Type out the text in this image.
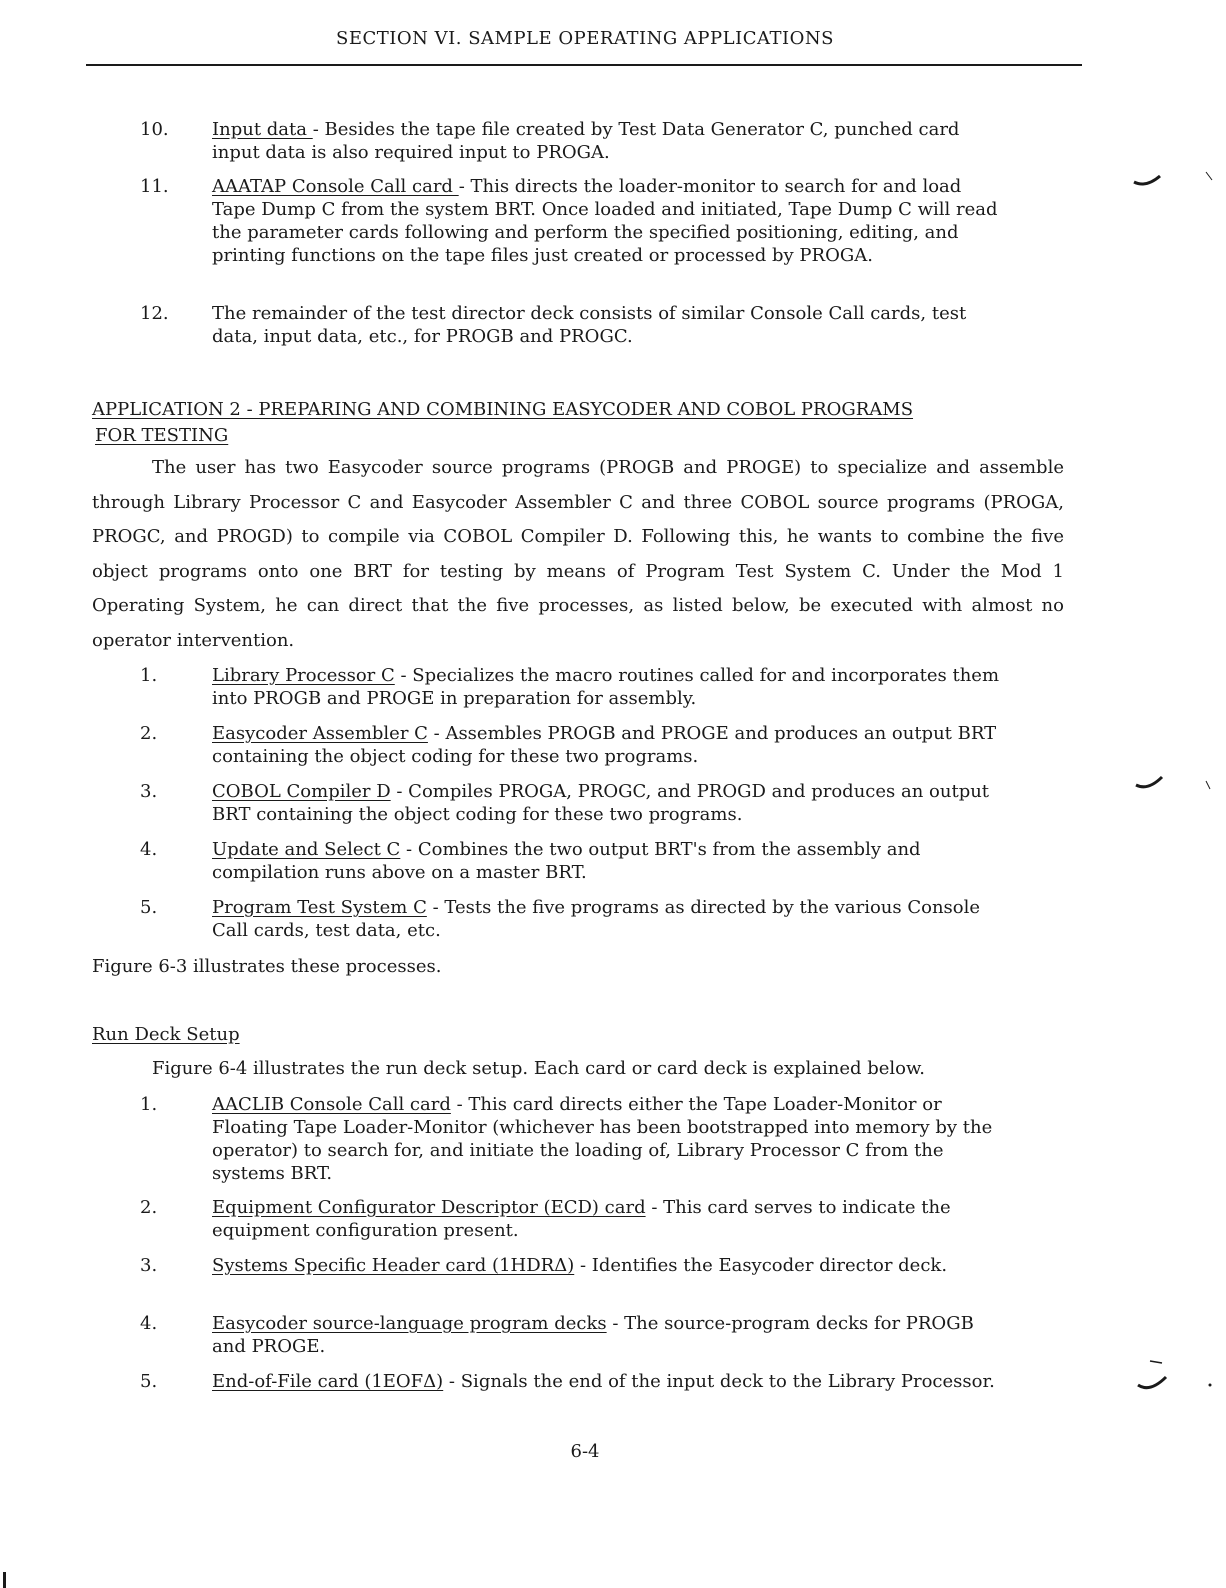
SECTION VI. SAMPLE OPERATING APPLICATIONS
10.	Input data - Besides the tape file created by Test Data Generator C, punched card input data is also required input to PROGA.
11.	AAATAP Console Call card - This directs the loader-monitor to search for and load Tape Dump C from the system BRT. Once loaded and initiated, Tape Dump C will read the parameter cards following and perform the specified positioning, editing, and printing functions on the tape files just created or processed by PROGA.
12.	The remainder of the test director deck consists of similar Console Call cards, test data, input data, etc., for PROGB and PROGC.
APPLICATION 2 - PREPARING AND COMBINING EASYCODER AND COBOL PROGRAMS
FOR TESTING
The user has two Easycoder source programs (PROGB and PROGE) to specialize and assemble through Library Processor C and Easycoder Assembler C and three COBOL source programs (PROGA, PROGC, and PROGD) to compile via COBOL Compiler D. Following this, he wants to combine the five object programs onto one BRT for testing by means of Program Test System C. Under the Mod 1 Operating System, he can direct that the five processes, as listed below, be executed with almost no operator intervention.
1.	Library Processor C - Specializes the macro routines called for and incorporates them into PROGB and PROGE in preparation for assembly.
2.	Easycoder Assembler C - Assembles PROGB and PROGE and produces an output BRT containing the object coding for these two programs.
3.	COBOL Compiler D - Compiles PROGA, PROGC, and PROGD and produces an output BRT containing the object coding for these two programs.
4.	Update and Select C - Combines the two output BRT's from the assembly and compilation runs above on a master BRT.
5.	Program Test System C - Tests the five programs as directed by the various Console Call cards, test data, etc.
Figure 6-3 illustrates these processes.
Run Deck Setup
Figure 6-4 illustrates the run deck setup. Each card or card deck is explained below.
1.	AACLIB Console Call card - This card directs either the Tape Loader-Monitor or Floating Tape Loader-Monitor (whichever has been bootstrapped into memory by the operator) to search for, and initiate the loading of, Library Processor C from the systems BRT.
2.	Equipment Configurator Descriptor (ECD) card - This card serves to indicate the equipment configuration present.
3.	Systems Specific Header card (1HDRΔ) - Identifies the Easycoder director deck.
4.	Easycoder source-language program decks - The source-program decks for PROGB and PROGE.
5.	End-of-File card (1EOFΔ) - Signals the end of the input deck to the Library Processor.
6-4
